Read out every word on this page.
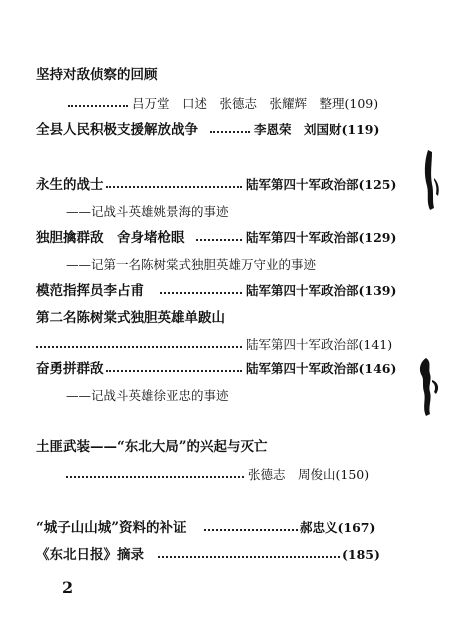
坚持对敌侦察的回顾
吕万堂　口述　张德志　张耀辉　整理(109)
全县人民积极支援解放战争	李恩荣　刘国财(119)
永生的战士	陆军第四十军政治部(125)
——记战斗英雄姚景海的事迹
独胆擒群敌　舍身堵枪眼	陆军第四十军政治部(129)
——记第一名陈树棠式独胆英雄万守业的事迹
模范指挥员李占甫	陆军第四十军政治部(139)
第二名陈树棠式独胆英雄单跛山
陆军第四十军政治部(141)
奋勇拼群敌	陆军第四十军政治部(146)
——记战斗英雄徐亚忠的事迹
土匪武装——“东北大局”的兴起与灭亡
张德志　周俊山(150)
“城子山山城”资料的补证	郝忠义(167)
《东北日报》摘录	(185)
2
